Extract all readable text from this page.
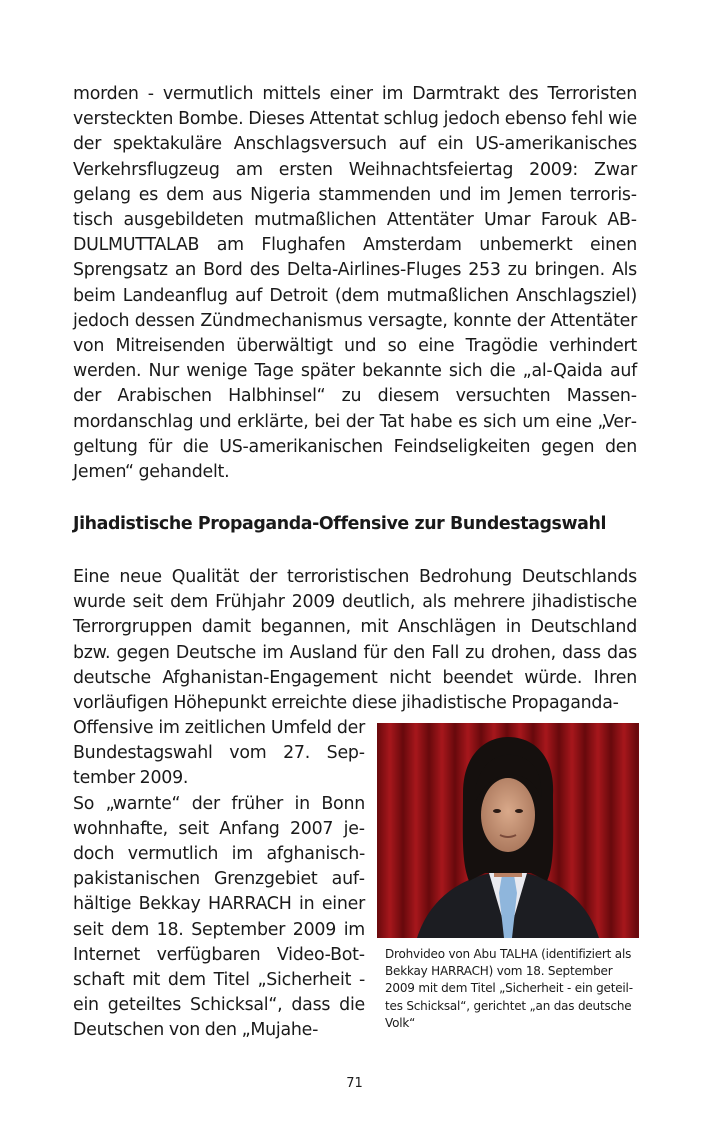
morden - vermutlich mittels einer im Darmtrakt des Terroristen versteckten Bombe. Dieses Attentat schlug jedoch ebenso fehl wie der spektakuläre Anschlagsversuch auf ein US-amerikanisches Verkehrsflugzeug am ersten Weihnachtsfeiertag 2009: Zwar gelang es dem aus Nigeria stammenden und im Jemen terroristisch ausgebildeten mutmaßlichen Attentäter Umar Farouk ABDULMUTTALAB am Flughafen Amsterdam unbemerkt einen Sprengsatz an Bord des Delta-Airlines-Fluges 253 zu bringen. Als beim Landeanflug auf Detroit (dem mutmaßlichen Anschlagsziel) jedoch dessen Zündmechanismus versagte, konnte der Attentäter von Mitreisenden überwältigt und so eine Tragödie verhindert werden. Nur wenige Tage später bekannte sich die „al-Qaida auf der Arabischen Halbhinsel“ zu diesem versuchten Massenmordanschlag und erklärte, bei der Tat habe es sich um eine „Vergeltung für die US-amerikanischen Feindseligkeiten gegen den Jemen“ gehandelt.

Jihadistische Propaganda-Offensive zur Bundestagswahl

Eine neue Qualität der terroristischen Bedrohung Deutschlands wurde seit dem Frühjahr 2009 deutlich, als mehrere jihadistische Terrorgruppen damit begannen, mit Anschlägen in Deutschland bzw. gegen Deutsche im Ausland für den Fall zu drohen, dass das deutsche Afghanistan-Engagement nicht beendet würde. Ihren vorläufigen Höhepunkt erreichte diese jihadistische Propaganda-

Offensive im zeitlichen Umfeld der Bundestagswahl vom 27. September 2009.

So „warnte“ der früher in Bonn wohnhafte, seit Anfang 2007 jedoch vermutlich im afghanisch-pakistanischen Grenzgebiet aufhältige Bekkay HARRACH in einer seit dem 18. September 2009 im Internet verfügbaren Video-Botschaft mit dem Titel „Sicherheit - ein geteiltes Schicksal“, dass die Deutschen von den „Mujahe-

Drohvideo von Abu TALHA (identifiziert als Bekkay HARRACH) vom 18. September 2009 mit dem Titel „Sicherheit - ein geteiltes Schicksal“, gerichtet „an das deutsche Volk“

71
